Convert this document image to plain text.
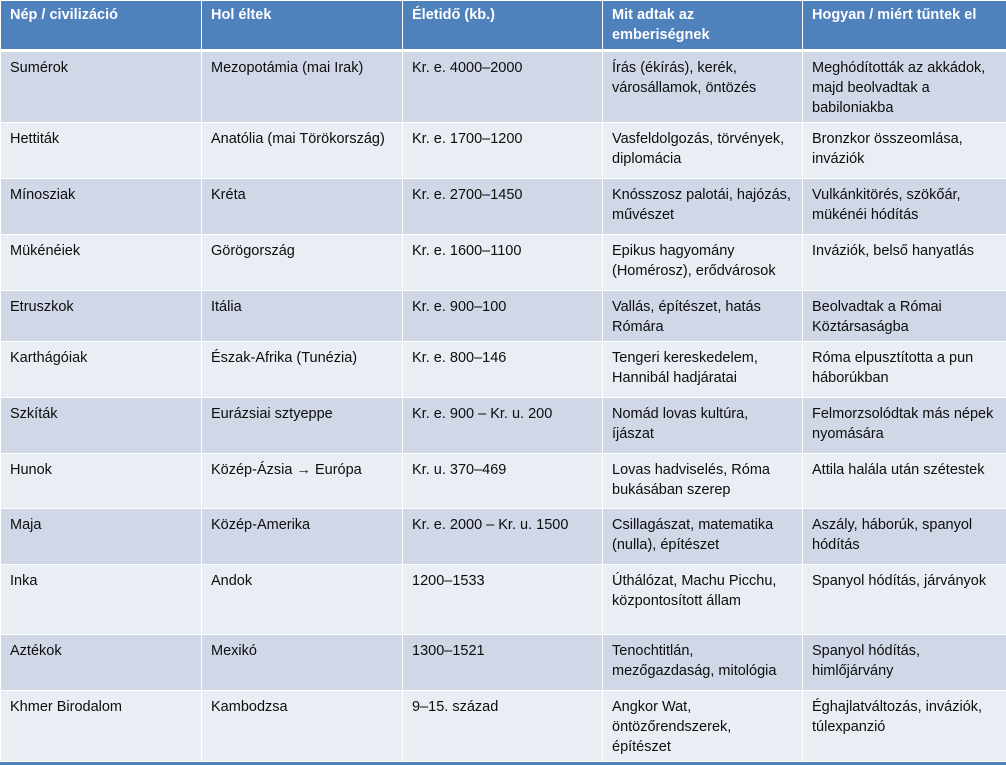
Nép / civilizáció	Hol éltek	Életidő (kb.)	Mit adtak az emberiségnek	Hogyan / miért tűntek el
Sumérok	Mezopotámia (mai Irak)	Kr. e. 4000–2000	Írás (ékírás), kerék, városállamok, öntözés	Meghódították az akkádok, majd beolvadtak a babiloniakba
Hettiták	Anatólia (mai Törökország)	Kr. e. 1700–1200	Vasfeldolgozás, törvények, diplomácia	Bronzkor összeomlása, inváziók
Mínosziak	Kréta	Kr. e. 2700–1450	Knósszosz palotái, hajózás, művészet	Vulkánkitörés, szökőár, mükénéi hódítás
Mükénéiek	Görögország	Kr. e. 1600–1100	Epikus hagyomány (Homérosz), erődvárosok	Inváziók, belső hanyatlás
Etruszkok	Itália	Kr. e. 900–100	Vallás, építészet, hatás Rómára	Beolvadtak a Római Köztársaságba
Karthágóiak	Észak-Afrika (Tunézia)	Kr. e. 800–146	Tengeri kereskedelem, Hannibál hadjáratai	Róma elpusztította a pun háborúkban
Szkíták	Eurázsiai sztyeppe	Kr. e. 900 – Kr. u. 200	Nomád lovas kultúra, íjászat	Felmorzsolódtak más népek nyomására
Hunok	Közép-Ázsia → Európa	Kr. u. 370–469	Lovas hadviselés, Róma bukásában szerep	Attila halála után szétestek
Maja	Közép-Amerika	Kr. e. 2000 – Kr. u. 1500	Csillagászat, matematika (nulla), építészet	Aszály, háborúk, spanyol hódítás
Inka	Andok	1200–1533	Úthálózat, Machu Picchu, központosított állam	Spanyol hódítás, járványok
Aztékok	Mexikó	1300–1521	Tenochtitlán, mezőgazdaság, mitológia	Spanyol hódítás, himlőjárvány
Khmer Birodalom	Kambodzsa	9–15. század	Angkor Wat, öntözőrendszerek, építészet	Éghajlatváltozás, inváziók, túlexpanzió
